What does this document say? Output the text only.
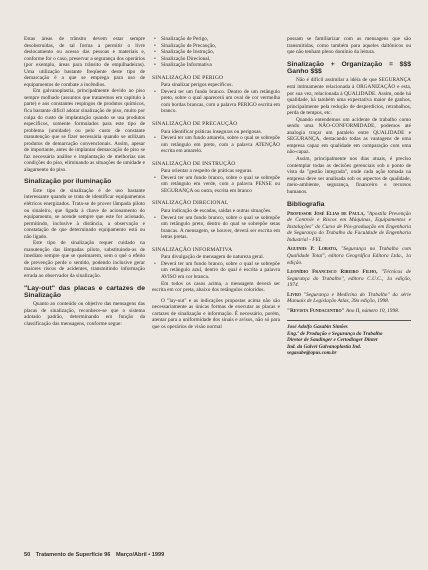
Estas áreas de trânsito devem estar sempre desobstruídas, de tal forma a permitir o livre deslocamento ou acesso das pessoas e materiais e, conforme for o caso, preservar a segurança dos operários (por exemplo, áreas para trânsito de empilhadeiras). Uma utilização bastante freqüente deste tipo de demarcação é a que se emprega para uso de equipamentos de combate a incêndios.

Em galvanoplastia, principalmente devido ao piso sempre molhado (assuntos que trataremos em capítulo à parte) e aos constantes respingos de produtos químicos, fica bastante difícil adotar sinalização de piso, muito por culpa do custo de implantação quando se usa produtos específicos, somente formulados para este tipo de problema (umidade) ou pelo custo de constante manutenção que se fizer necessária quando se utilizam produtos de demarcação convencionais. Assim, apesar de importante, antes de implantar demarcação de piso se faz necessária análise e implantação de melhorias nas condições do piso, eliminando as situações de umidade e alagamento do piso.

Sinalização por iluminação

Este tipo de sinalização é de uso bastante interessante quando se trata de identificar equipamentos elétricos energizados. Trata-se de prover lâmpada piloto ou sinaleiro, que ligada à chave de acionamento do equipamento, se acende sempre que este for acionado, permitindo, inclusive à distância, a observação e constatação de que determinado equipamento está ou não ligado.

Este tipo de sinalização requer cuidado na manutenção das lâmpadas piloto, substituindo-as de imediato sempre que se queimarem, sem o quê o efeito de prevenção perde o sentido, podendo inclusive gerar maiores riscos de acidentes, transmitindo informação errada ao observador da sinalização.

"Lay-out" das placas e cartazes de Sinalização

Quanto ao conteúdo ou objetivo das mensagens das placas de sinalização, reconhece-se que o sistema adotado padrão, determinando em função da classificação das mensagens, conforme segue:

• Sinalização de Perigo,
• Sinalização de Precaução,
• Sinalização de Instrução,
• Sinalização Direcional,
• Sinalização Informativa
SINALIZAÇÃO DE PERIGO

Para sinalizar perigos específicos.

• Deverá ter um fundo branco. Dentro de um retângulo preto, sobre o qual aparecerá um oval de cor vermelha com bordas brancas, com a palavra PERIGO escrita em branco.
SINALIZAÇÃO DE PRECAUÇÃO

Para identificar práticas inseguras ou perigosas.

• Deverá ter um fundo amarelo, sobre o qual se sobrepõe um retângulo em preto, com a palavra ATENÇÃO escrita em amarelo.
SINALIZAÇÃO DE INSTRUÇÃO

Para orientar a respeito de práticas seguras.

• Deverá ter um fundo branco, sobre o qual se sobrepõe um retângulo em verde, com a palavra PENSE ou SEGURANÇA ou outra, escrita em branco
SINALIZAÇÃO DIRECIONAL

Para indicação de escadas, saídas e outras situações.

• Deverá ter um fundo branco, sobre o qual se sobrepõe um retângulo preto, dentro do qual se sobrepõe setas brancas. A mensagem, se houver, deverá ser escrita em letras pretas.
SINALIZAÇÃO INFORMATIVA

Para divulgação de mensagem de natureza geral.

• Deverá ter um fundo branco, sobre o qual se sobrepõe um retângulo azul, dentro do qual é escrita a palavra AVISO em cor branca.

Em todos os casos acima, a mensagem deverá ser escrita em cor preta, abaixo dos retângulos coloridos.

O "lay-out" e as indicações propostas acima não são necessariamente as únicas formas de executar as placas e cartazes de sinalização e informação. É necessário, porém, atentar para a uniformidade dos sinais e avisos, não só para que os operários de visão normal

possam se familiarizar com as mensagens que são transmitidas, como também para aqueles daltônicos ou que não tenham pleno domínio da leitura.

Sinalização + Organização = $$$ Ganho $$$

Não é difícil assimilar a idéia de que SEGURANÇA está intimamente relacionada à ORGANIZAÇÃO e esta, por sua vez, relacionada à QUALIDADE. Assim, onde há qualidade, há também uma expectativa maior de ganhos, principalmente pela redução de desperdícios, retrabalhos, perda de tempos, etc.

Quando entendemos um acidente de trabalho como sendo uma NÃO-CONFORMIDADE, podemos até analogia traçar um paralelo entre QUALIDADE e SEGURANÇA, destacando todas as vantagens de uma empresa capaz em qualidade em comparação com uma não-capaz.

Assim, principalmente nos dias atuais, é preciso contemplar todas as decisões gerenciais sob o ponto de vista da "gestão integrada", onde cada ação tomada na empresa deve ser analisada sob os aspectos de qualidade, meio-ambiente, segurança, financeiro e recursos humanos.

Bibliografia

Professor José Elias de Paula, "Apostila Prevenção de Controle e Riscos em Máquinas, Equipamentos e Instalações" do Curso de Pós-graduação em Engenharia de Segurança do Trabalho da Faculdade de Engenharia Industrial - FEI.

Aguiniis P. Lobato, "Segurança no Trabalho com Qualidade Total", editora Geográfica Editora Ltda., 1a edição.

Leonídio Francisco Ribeiro Filho, "Técnicas de Segurança do Trabalho", editora C.U.C., 1a edição, 1974.

Livro "Segurança e Medicina do Trabalho" da série Manuais de Legislação Atlas, 39a edição, 1998.

"Revista Fundacentro" Ano II, número 10, 1998.

José Adolfo Gasabin Simões
Eng.º de Produção e Segurança do Trabalho
Diretor de Saudinger e Certodinger Dinter
Ind. da Galvei Galvanoplastia Ind.
segasabe@opus.com.br
50 Tratamento de Superfície 96 Março/Abril • 1999
